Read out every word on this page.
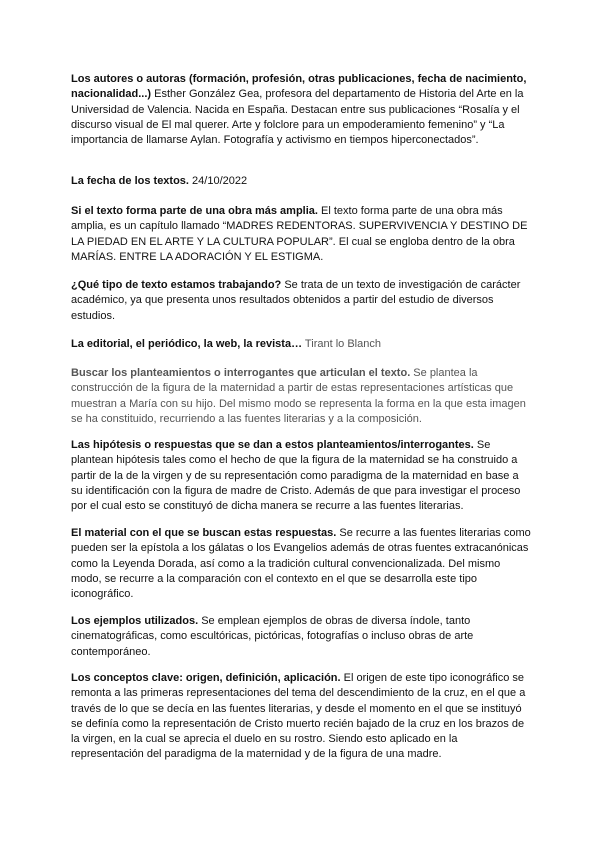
Los autores o autoras (formación, profesión, otras publicaciones, fecha de nacimiento, nacionalidad...) Esther González Gea, profesora del departamento de Historia del Arte en la Universidad de Valencia. Nacida en España. Destacan entre sus publicaciones “Rosalía y el discurso visual de El mal querer. Arte y folclore para un empoderamiento femenino” y “La importancia de llamarse Aylan. Fotografía y activismo en tiempos hiperconectados”.

La fecha de los textos. 24/10/2022

Si el texto forma parte de una obra más amplia. El texto forma parte de una obra más amplia, es un capítulo llamado “MADRES REDENTORAS. SUPERVIVENCIA Y DESTINO DE LA PIEDAD EN EL ARTE Y LA CULTURA POPULAR”. El cual se engloba dentro de la obra MARÍAS. ENTRE LA ADORACIÓN Y EL ESTIGMA.

¿Qué tipo de texto estamos trabajando? Se trata de un texto de investigación de carácter académico, ya que presenta unos resultados obtenidos a partir del estudio de diversos estudios.

La editorial, el periódico, la web, la revista… Tirant lo Blanch

Buscar los planteamientos o interrogantes que articulan el texto. Se plantea la construcción de la figura de la maternidad a partir de estas representaciones artísticas que muestran a María con su hijo. Del mismo modo se representa la forma en la que esta imagen se ha constituido, recurriendo a las fuentes literarias y a la composición.

Las hipótesis o respuestas que se dan a estos planteamientos/interrogantes. Se plantean hipótesis tales como el hecho de que la figura de la maternidad se ha construido a partir de la de la virgen y de su representación como paradigma de la maternidad en base a su identificación con la figura de madre de Cristo. Además de que para investigar el proceso por el cual esto se constituyó de dicha manera se recurre a las fuentes literarias.

El material con el que se buscan estas respuestas. Se recurre a las fuentes literarias como pueden ser la epístola a los gálatas o los Evangelios además de otras fuentes extracanónicas como la Leyenda Dorada, así como a la tradición cultural convencionalizada. Del mismo modo, se recurre a la comparación con el contexto en el que se desarrolla este tipo iconográfico.

Los ejemplos utilizados. Se emplean ejemplos de obras de diversa índole, tanto cinematográficas, como escultóricas, pictóricas, fotografías o incluso obras de arte contemporáneo.

Los conceptos clave: origen, definición, aplicación. El origen de este tipo iconográfico se remonta a las primeras representaciones del tema del descendimiento de la cruz, en el que a través de lo que se decía en las fuentes literarias, y desde el momento en el que se instituyó se definía como la representación de Cristo muerto recién bajado de la cruz en los brazos de la virgen, en la cual se aprecia el duelo en su rostro. Siendo esto aplicado en la representación del paradigma de la maternidad y de la figura de una madre.
